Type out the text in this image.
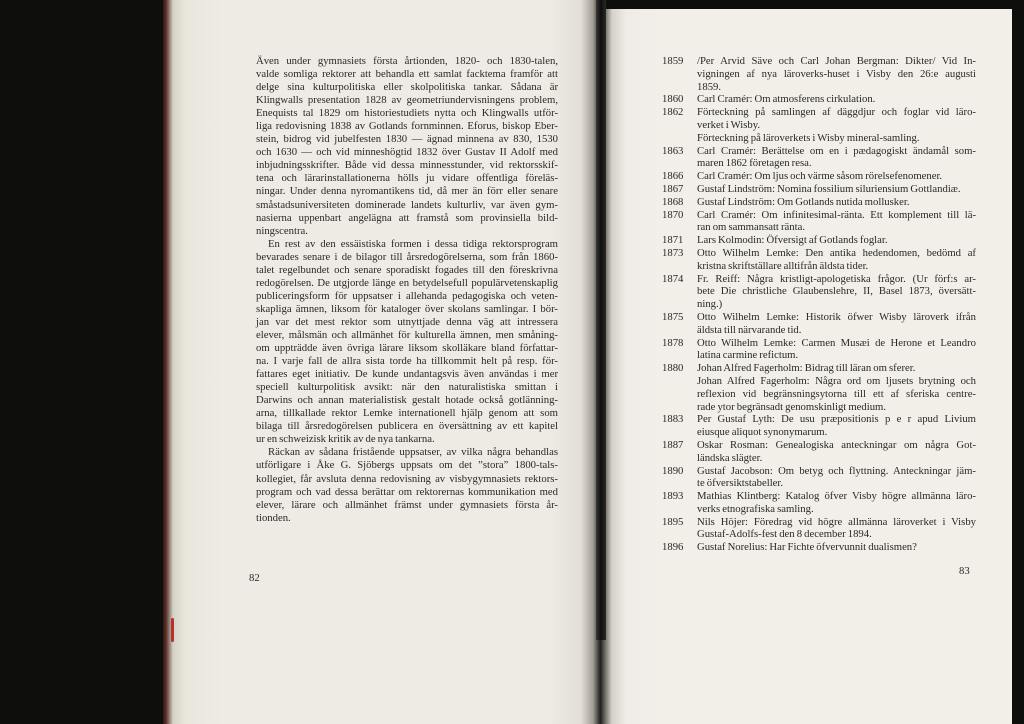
Även under gymnasiets första årtionden, 1820- och 1830-talen,
valde somliga rektorer att behandla ett samlat facktema framför att
delge sina kulturpolitiska eller skolpolitiska tankar. Sådana är
Klingwalls presentation 1828 av geometriundervisningens problem,
Enequists tal 1829 om historiestudiets nytta och Klingwalls utför-
liga redovisning 1838 av Gotlands fornminnen. Eforus, biskop Eber-
stein, bidrog vid jubelfesten 1830 — ägnad minnena av 830, 1530
och 1630 — och vid minneshögtid 1832 över Gustav II Adolf med
inbjudningsskrifter. Både vid dessa minnesstunder, vid rektorsskif-
tena och lärarinstallationerna hölls ju vidare offentliga föreläs-
ningar. Under denna nyromantikens tid, då mer än förr eller senare
småstadsuniversiteten dominerade landets kulturliv, var även gym-
nasierna uppenbart angelägna att framstå som provinsiella bild-
ningscentra.
En rest av den essäistiska formen i dessa tidiga rektorsprogram
bevarades senare i de bilagor till årsredogörelserna, som från 1860-
talet regelbundet och senare sporadiskt fogades till den föreskrivna
redogörelsen. De utgjorde länge en betydelsefull populärvetenskaplig
publiceringsform för uppsatser i allehanda pedagogiska och veten-
skapliga ämnen, liksom för kataloger över skolans samlingar. I bör-
jan var det mest rektor som utnyttjade denna väg att intressera
elever, målsmän och allmänhet för kulturella ämnen, men småning-
om uppträdde även övriga lärare liksom skolläkare bland författar-
na. I varje fall de allra sista torde ha tillkommit helt på resp. för-
fattares eget initiativ. De kunde undantagsvis även användas i mer
speciell kulturpolitisk avsikt: när den naturalistiska smittan i
Darwins och annan materialistisk gestalt hotade också gotlänning-
arna, tillkallade rektor Lemke internationell hjälp genom att som
bilaga till årsredogörelsen publicera en översättning av ett kapitel
ur en schweizisk kritik av de nya tankarna.
Räckan av sådana fristående uppsatser, av vilka några behandlas
utförligare i Åke G. Sjöbergs uppsats om det ”stora” 1800-tals-
kollegiet, får avsluta denna redovisning av visbygymnasiets rektors-
program och vad dessa berättar om rektorernas kommunikation med
elever, lärare och allmänhet främst under gymnasiets första år-
tionden.
82
1859 /Per Arvid Säve och Carl Johan Bergman: Dikter/ Vid In-
vigningen af nya läroverks-huset i Visby den 26:e augusti
1859.
1860 Carl Cramér: Om atmosferens cirkulation.
1862 Förteckning på samlingen af däggdjur och foglar vid läro-
verket i Wisby.
Förteckning på läroverkets i Wisby mineral-samling.
1863 Carl Cramér: Berättelse om en i pædagogiskt ändamål som-
maren 1862 företagen resa.
1866 Carl Cramér: Om ljus och värme såsom rörelsefenomener.
1867 Gustaf Lindström: Nomina fossilium siluriensium Gottlandiæ.
1868 Gustaf Lindström: Om Gotlands nutida mollusker.
1870 Carl Cramér: Om infinitesimal-ränta. Ett komplement till lä-
ran om sammansatt ränta.
1871 Lars Kolmodin: Öfversigt af Gotlands foglar.
1873 Otto Wilhelm Lemke: Den antika hedendomen, bedömd af
kristna skriftställare alltifrån äldsta tider.
1874 Fr. Reiff: Några kristligt-apologetiska frågor. (Ur förf:s ar-
bete Die christliche Glaubenslehre, II, Basel 1873, översätt-
ning.)
1875 Otto Wilhelm Lemke: Historik öfwer Wisby läroverk ifrån
äldsta till närvarande tid.
1878 Otto Wilhelm Lemke: Carmen Musæi de Herone et Leandro
latina carmine refictum.
1880 Johan Alfred Fagerholm: Bidrag till läran om sferer.
Johan Alfred Fagerholm: Några ord om ljusets brytning och
reflexion vid begränsningsytorna till ett af sferiska centre-
rade ytor begränsadt genomskinligt medium.
1883 Per Gustaf Lyth: De usu præpositionis p e r apud Livium
eiusque aliquot synonymarum.
1887 Oskar Rosman: Genealogiska anteckningar om några Got-
ländska slägter.
1890 Gustaf Jacobson: Om betyg och flyttning. Anteckningar jäm-
te öfversiktstabeller.
1893 Mathias Klintberg: Katalog öfver Visby högre allmänna läro-
verks etnografiska samling.
1895 Nils Höjer: Föredrag vid högre allmänna läroverket i Visby
Gustaf-Adolfs-fest den 8 december 1894.
1896 Gustaf Norelius: Har Fichte öfvervunnit dualismen?
83
